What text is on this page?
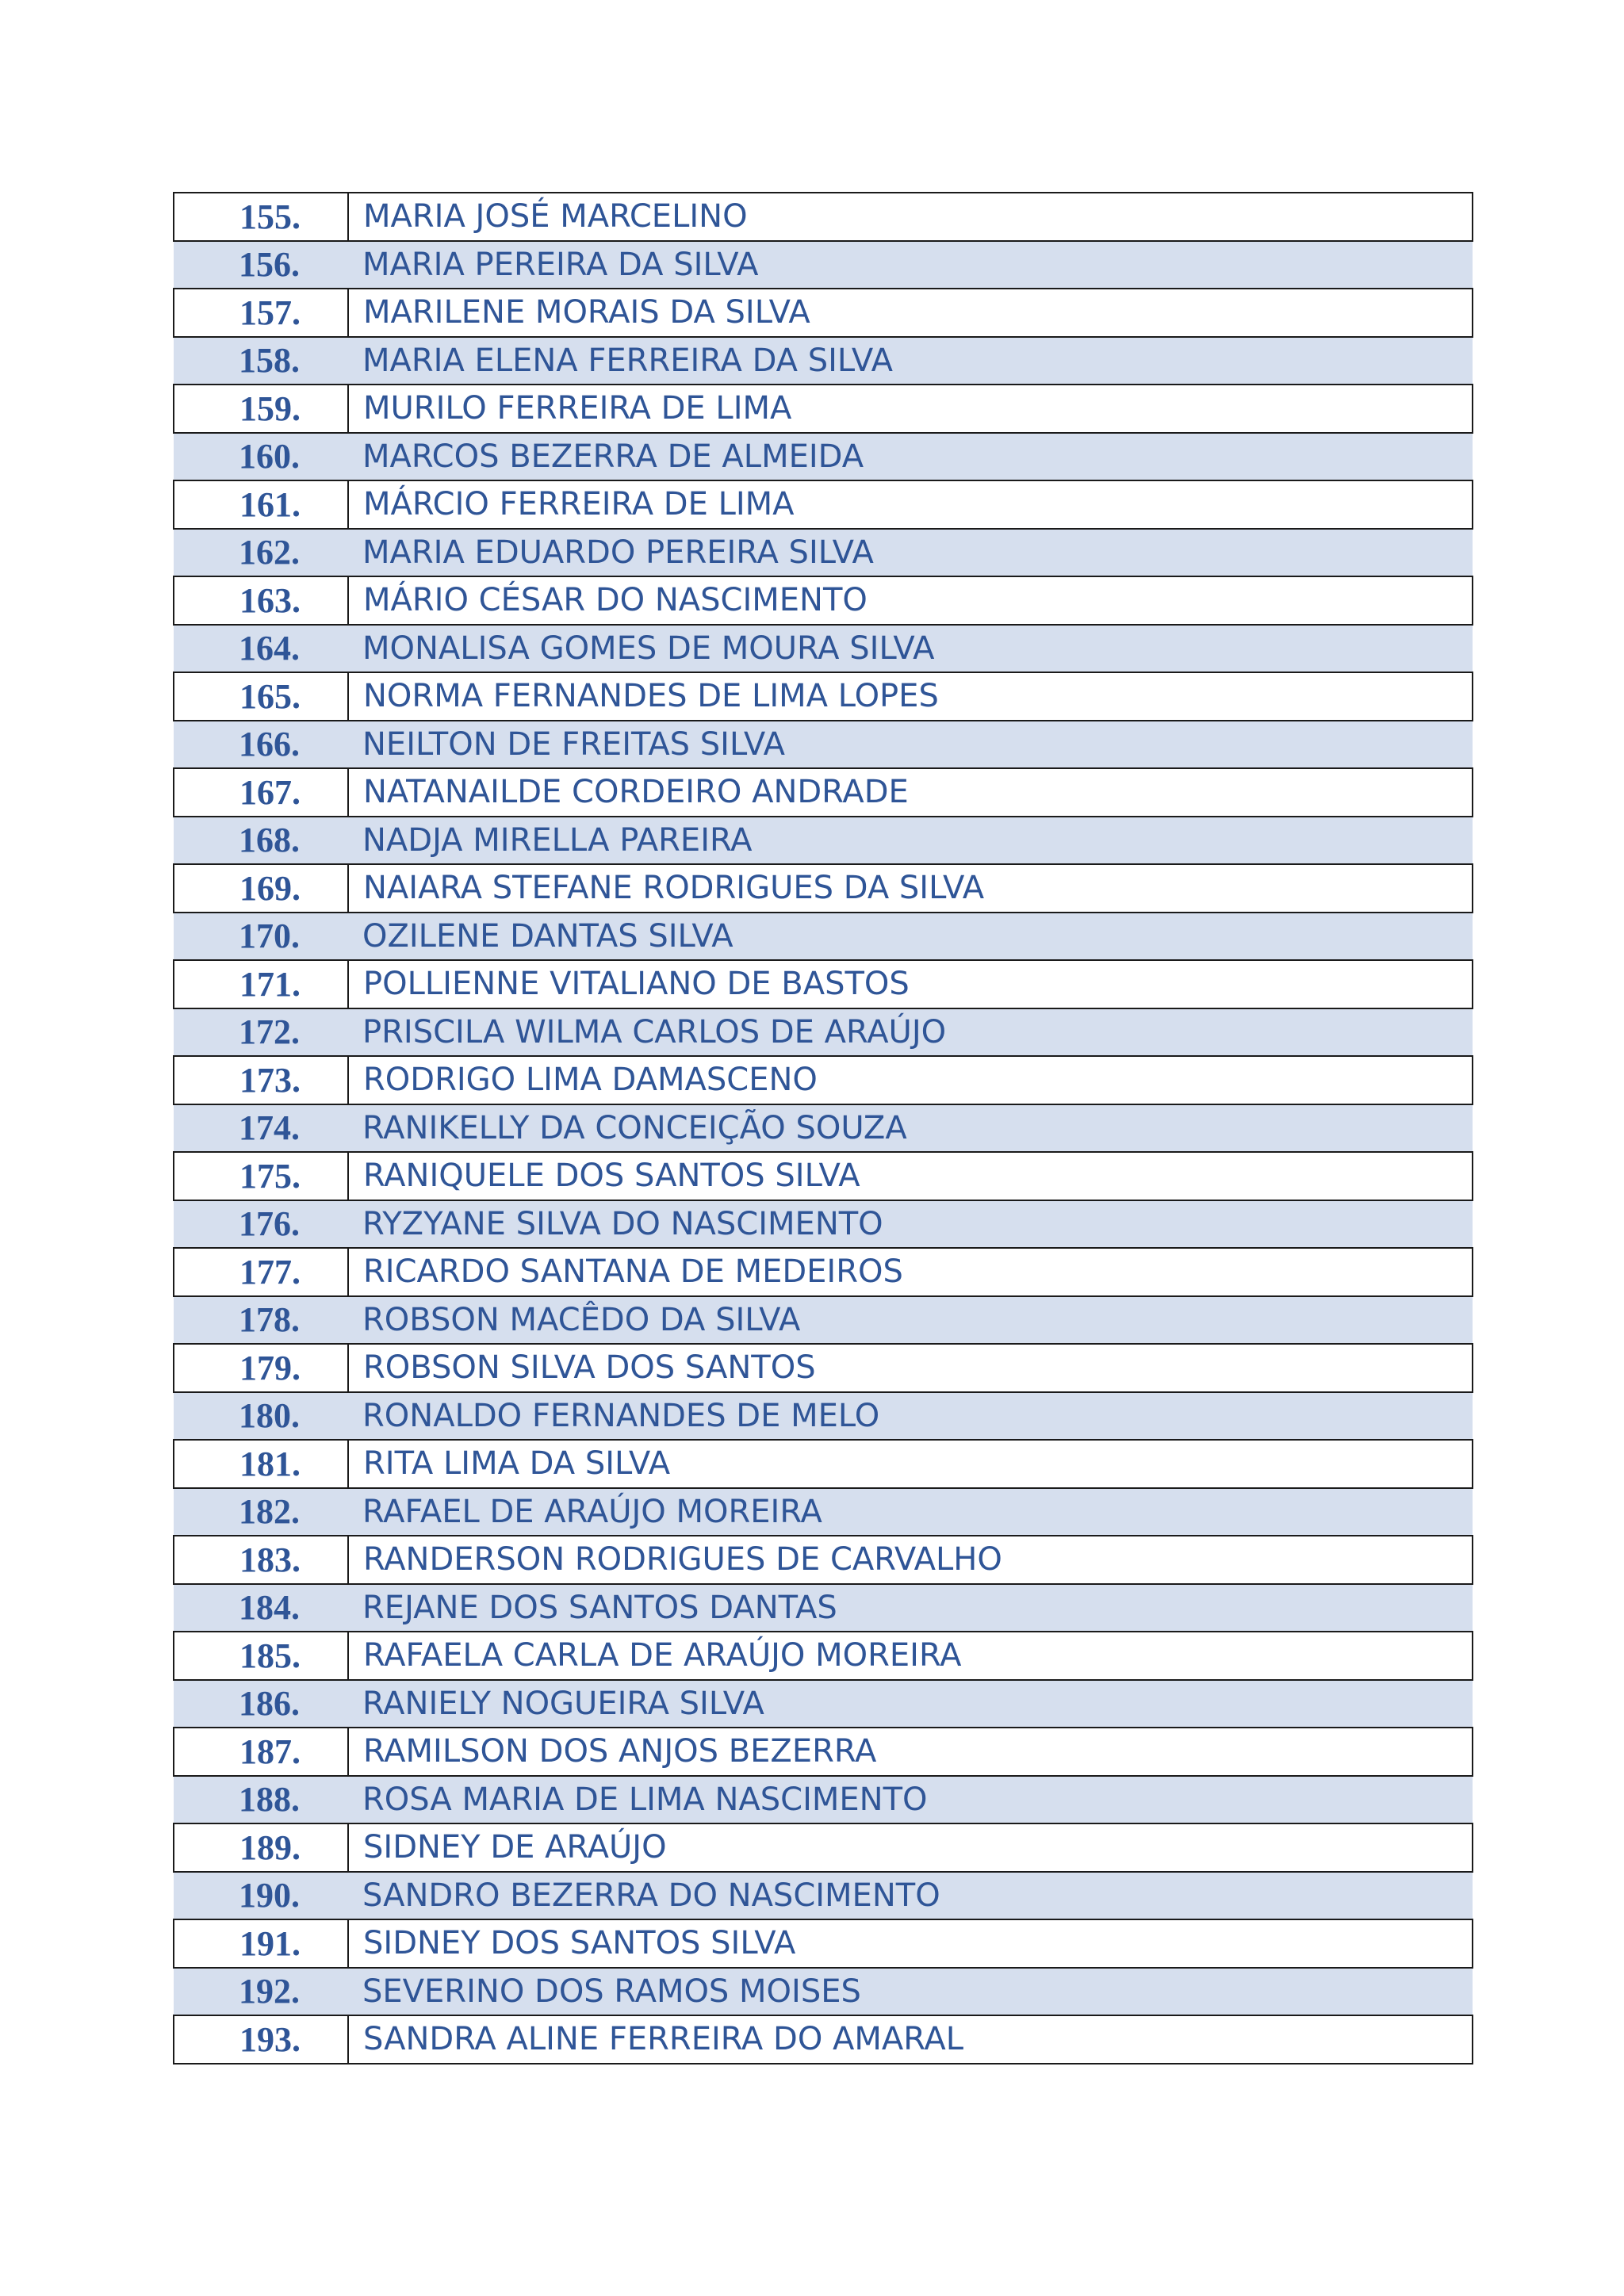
155.	MARIA JOSÉ MARCELINO
156.	MARIA PEREIRA DA SILVA
157.	MARILENE MORAIS DA SILVA
158.	MARIA ELENA FERREIRA DA SILVA
159.	MURILO FERREIRA DE LIMA
160.	MARCOS BEZERRA DE ALMEIDA
161.	MÁRCIO FERREIRA DE LIMA
162.	MARIA EDUARDO PEREIRA SILVA
163.	MÁRIO CÉSAR DO NASCIMENTO
164.	MONALISA GOMES DE MOURA SILVA
165.	NORMA FERNANDES DE LIMA LOPES
166.	NEILTON DE FREITAS SILVA
167.	NATANAILDE CORDEIRO ANDRADE
168.	NADJA MIRELLA PAREIRA
169.	NAIARA STEFANE RODRIGUES DA SILVA
170.	OZILENE DANTAS SILVA
171.	POLLIENNE VITALIANO DE BASTOS
172.	PRISCILA WILMA CARLOS DE ARAÚJO
173.	RODRIGO LIMA DAMASCENO
174.	RANIKELLY DA CONCEIÇÃO SOUZA
175.	RANIQUELE DOS SANTOS SILVA
176.	RYZYANE SILVA DO NASCIMENTO
177.	RICARDO SANTANA DE MEDEIROS
178.	ROBSON MACÊDO DA SILVA
179.	ROBSON SILVA DOS SANTOS
180.	RONALDO FERNANDES DE MELO
181.	RITA LIMA DA SILVA
182.	RAFAEL DE ARAÚJO MOREIRA
183.	RANDERSON RODRIGUES DE CARVALHO
184.	REJANE DOS SANTOS DANTAS
185.	RAFAELA CARLA DE ARAÚJO MOREIRA
186.	RANIELY NOGUEIRA SILVA
187.	RAMILSON DOS ANJOS BEZERRA
188.	ROSA MARIA DE LIMA NASCIMENTO
189.	SIDNEY DE ARAÚJO
190.	SANDRO BEZERRA DO NASCIMENTO
191.	SIDNEY DOS SANTOS SILVA
192.	SEVERINO DOS RAMOS MOISES
193.	SANDRA ALINE FERREIRA DO AMARAL
